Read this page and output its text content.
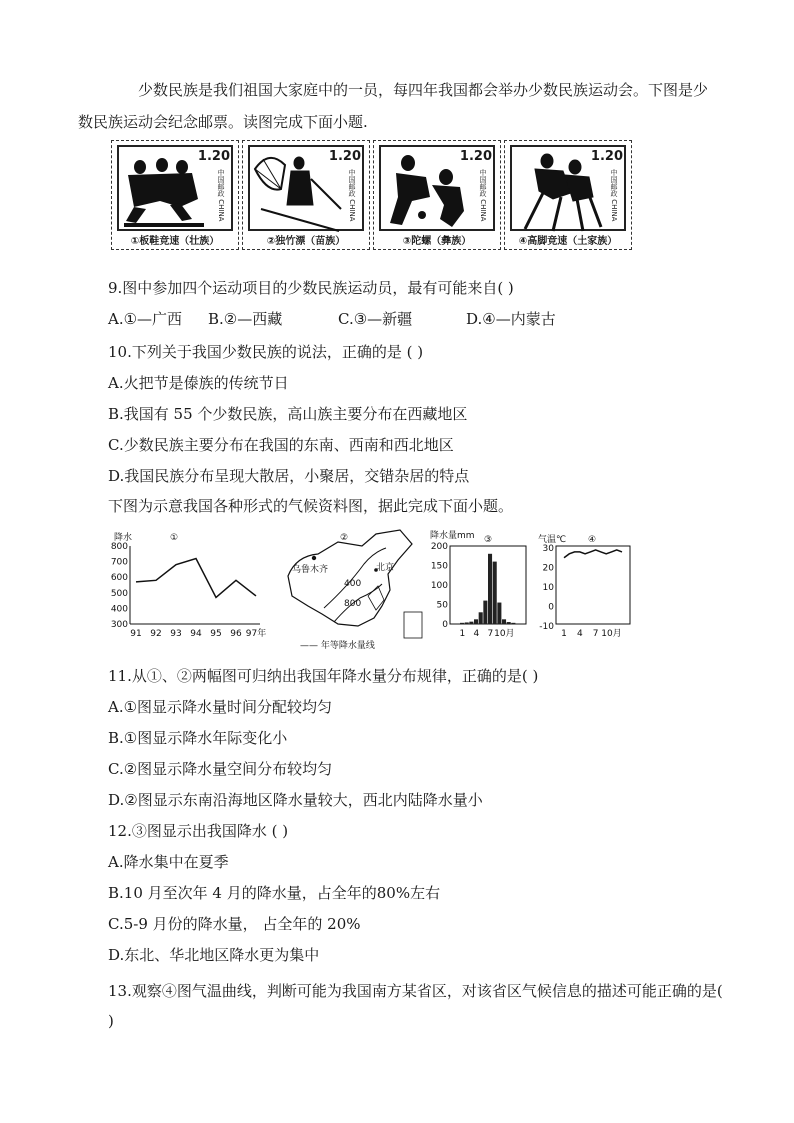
少数民族是我们祖国大家庭中的一员，每四年我国都会举办少数民族运动会。下图是少
数民族运动会纪念邮票。读图完成下面小题.
1.20
中国邮政 CHINA
①板鞋竞速（壮族）
1.20
中国邮政 CHINA
②独竹漂（苗族）
1.20
中国邮政 CHINA
③陀螺（彝族）
1.20
中国邮政 CHINA
④高脚竞速（土家族）
9.图中参加四个运动项目的少数民族运动员，最有可能来自( )
A.①—广西 B.②—西藏	C.③—新疆	D.④—内蒙古
10.下列关于我国少数民族的说法，正确的是 ( )
A.火把节是傣族的传统节日
B.我国有 55 个少数民族，高山族主要分布在西藏地区
C.少数民族主要分布在我国的东南、西南和西北地区
D.我国民族分布呈现大散居，小聚居，交错杂居的特点
下图为示意我国各种形式的气候资料图，据此完成下面小题。
降水	①
800
700
600
500
400
300
91 92 93 94 95 96 97年
②
乌鲁木齐	北京
400
800
—— 年等降水量线
降水量mm ③
200
150
100
50
0
1 4 7 10月
气温℃ ④
30
20
10
0
-10
1 4 7 10月
11.从①、②两幅图可归纳出我国年降水量分布规律，正确的是( )
A.①图显示降水量时间分配较均匀
B.①图显示降水年际变化小
C.②图显示降水量空间分布较均匀
D.②图显示东南沿海地区降水量较大，西北内陆降水量小
12.③图显示出我国降水 ( )
A.降水集中在夏季
B.10 月至次年 4 月的降水量，占全年的80%左右
C.5-9 月份的降水量， 占全年的 20%
D.东北、华北地区降水更为集中
13.观察④图气温曲线，判断可能为我国南方某省区，对该省区气候信息的描述可能正确的是( )
